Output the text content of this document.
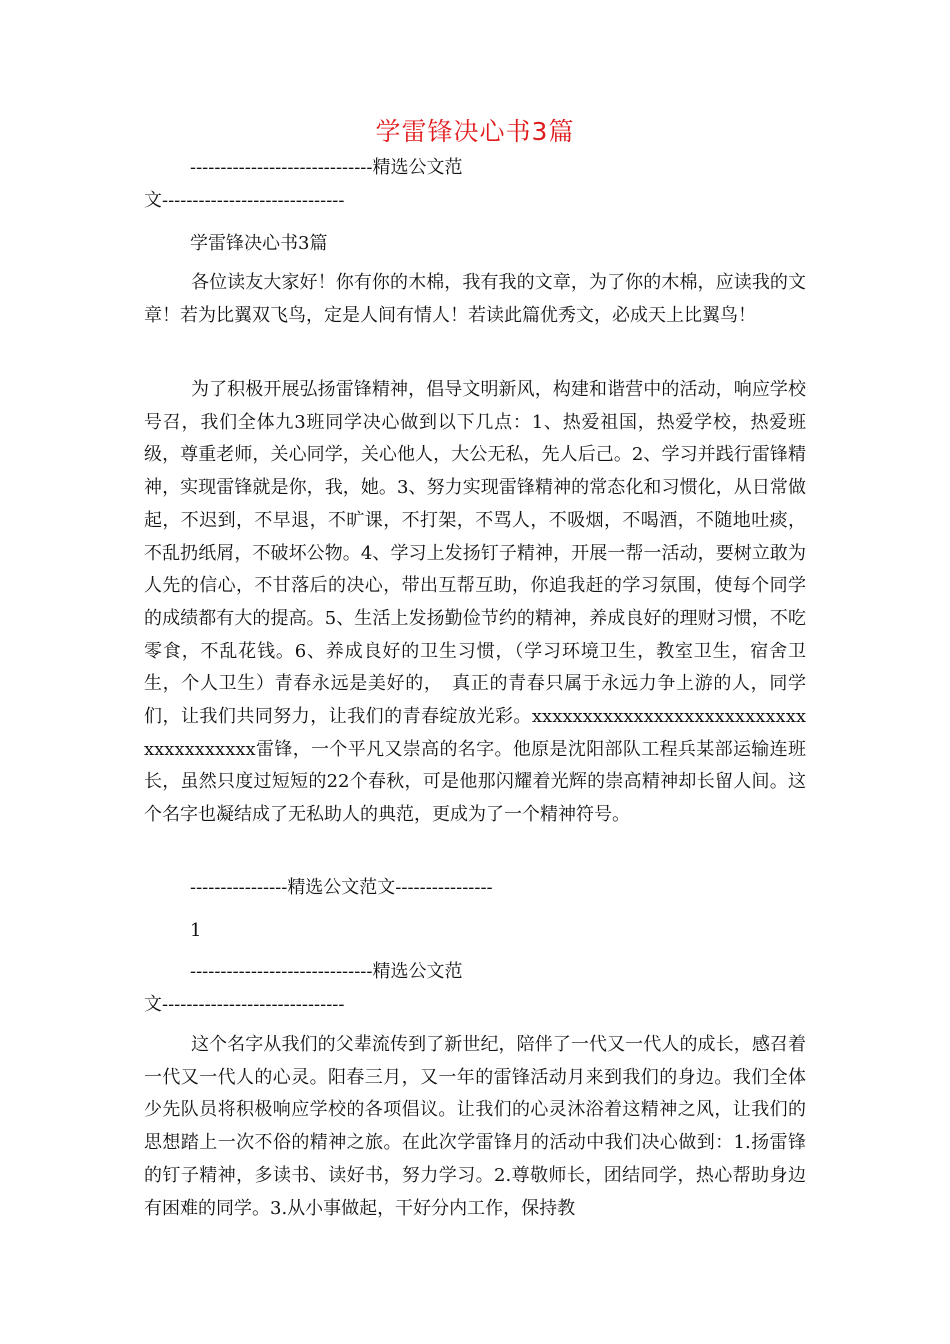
学雷锋决心书3篇
------------------------------精选公文范
文------------------------------
学雷锋决心书3篇

各位读友大家好！你有你的木棉，我有我的文章，为了你的木棉，应读我的文章！若为比翼双飞鸟，定是人间有情人！若读此篇优秀文，必成天上比翼鸟！

为了积极开展弘扬雷锋精神，倡导文明新风，构建和谐营中的活动，响应学校号召，我们全体九3班同学决心做到以下几点：1、热爱祖国，热爱学校，热爱班级，尊重老师，关心同学，关心他人，大公无私，先人后己。2、学习并践行雷锋精神，实现雷锋就是你，我，她。3、努力实现雷锋精神的常态化和习惯化，从日常做起，不迟到，不早退，不旷课，不打架，不骂人，不吸烟，不喝酒，不随地吐痰，不乱扔纸屑，不破坏公物。4、学习上发扬钉子精神，开展一帮一活动，要树立敢为人先的信心，不甘落后的决心，带出互帮互助，你追我赶的学习氛围，使每个同学的成绩都有大的提高。5、生活上发扬勤俭节约的精神，养成良好的理财习惯，不吃零食，不乱花钱。6、养成良好的卫生习惯，（学习环境卫生，教室卫生，宿舍卫生，个人卫生）青春永远是美好的，　真正的青春只属于永远力争上游的人，同学们，让我们共同努力，让我们的青春绽放光彩。xxxxxxxxxxxxxxxxxxxxxxxxxxxxxxxxxxxxxx雷锋，一个平凡又崇高的名字。他原是沈阳部队工程兵某部运输连班长，虽然只度过短短的22个春秋，可是他那闪耀着光辉的崇高精神却长留人间。这个名字也凝结成了无私助人的典范，更成为了一个精神符号。

----------------精选公文范文----------------
1
------------------------------精选公文范
文------------------------------

这个名字从我们的父辈流传到了新世纪，陪伴了一代又一代人的成长，感召着一代又一代人的心灵。阳春三月，又一年的雷锋活动月来到我们的身边。我们全体少先队员将积极响应学校的各项倡议。让我们的心灵沐浴着这精神之风，让我们的思想踏上一次不俗的精神之旅。在此次学雷锋月的活动中我们决心做到：1.扬雷锋的钉子精神，多读书、读好书，努力学习。2.尊敬师长，团结同学，热心帮助身边有困难的同学。3.从小事做起，干好分内工作，保持教
